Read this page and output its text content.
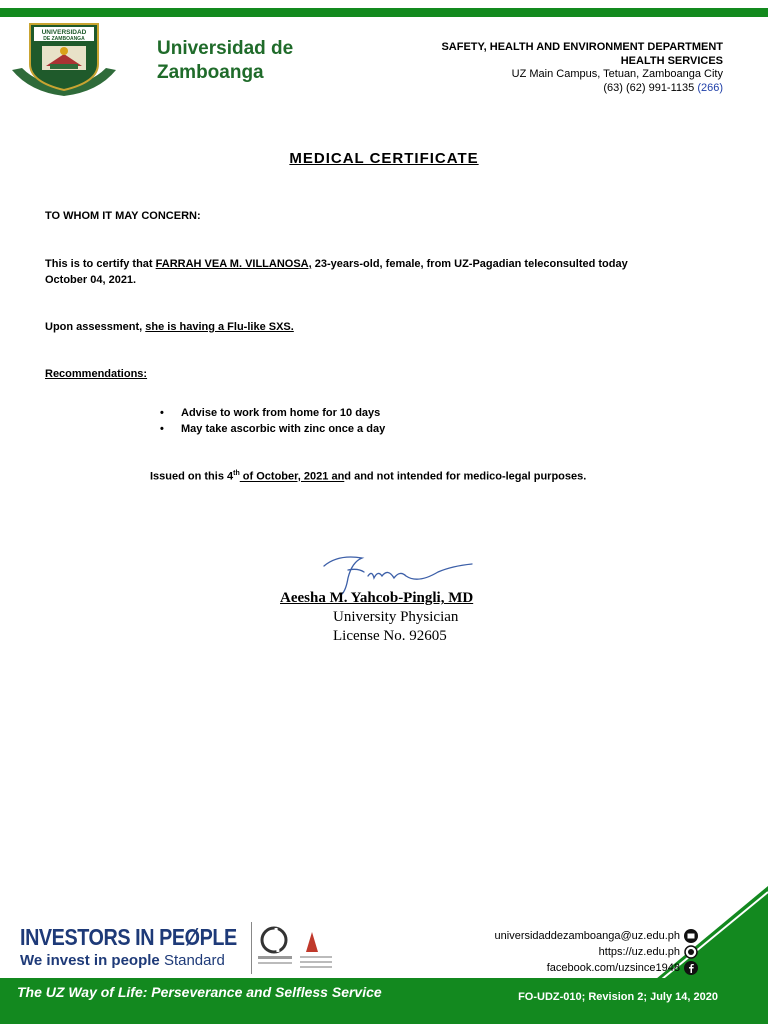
UNIVERSIDAD
DE ZAMBOANGA	Universidad de Zamboanga
SAFETY, HEALTH AND ENVIRONMENT DEPARTMENT
HEALTH SERVICES
UZ Main Campus, Tetuan, Zamboanga City
(63) (62) 991-1135 (266)
MEDICAL CERTIFICATE
TO WHOM IT MAY CONCERN:
This is to certify that FARRAH VEA M. VILLANOSA, 23-years-old, female, from UZ-Pagadian teleconsulted today
October 04, 2021.
Upon assessment, she is having a Flu-like SXS.
Recommendations:
• Advise to work from home for 10 days
• May take ascorbic with zinc once a day
Issued on this 4th of October, 2021 and and not intended for medico-legal purposes.
Aeesha M. Yahcob-Pingli, MD
University Physician
License No. 92605
INVESTORS IN PEØPLE
We invest in people Standard
universidaddezamboanga@uz.edu.ph
https://uz.edu.ph
facebook.com/uzsince1948
The UZ Way of Life: Perseverance and Selfless Service	FO-UDZ-010; Revision 2; July 14, 2020
